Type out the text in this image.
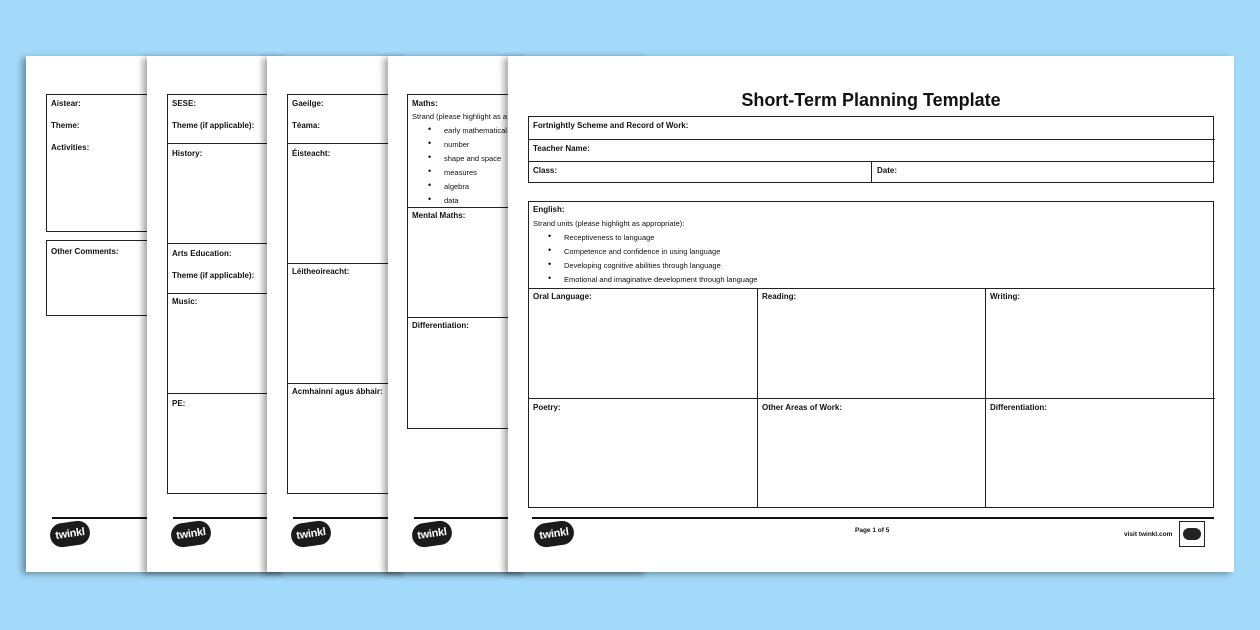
Aistear:
Theme:
Activities:
Other Comments:
twinkl
SESE:
Theme (if applicable):
History:
Arts Education:
Theme (if applicable):
Music:
PE:
twinkl
Gaeilge:
Téama:
Éisteacht:
Léitheoireacht:
Acmhainní agus ábhair:
twinkl
Maths:
Strand (please highlight as a
• early mathematical
• number
• shape and space
• measures
• algebra
• data
Mental Maths:
Differentiation:
twinkl
Short-Term Planning Template
Fortnightly Scheme and Record of Work:
Teacher Name:
Class:	Date:
English:
Strand units (please highlight as appropriate):
• Receptiveness to language
• Competence and confidence in using language
• Developing cognitive abilities through language
• Emotional and imaginative development through language
Oral Language:	Reading:	Writing:
Poetry:	Other Areas of Work:	Differentiation:
twinkl	Page 1 of 5
visit twinkl.com
